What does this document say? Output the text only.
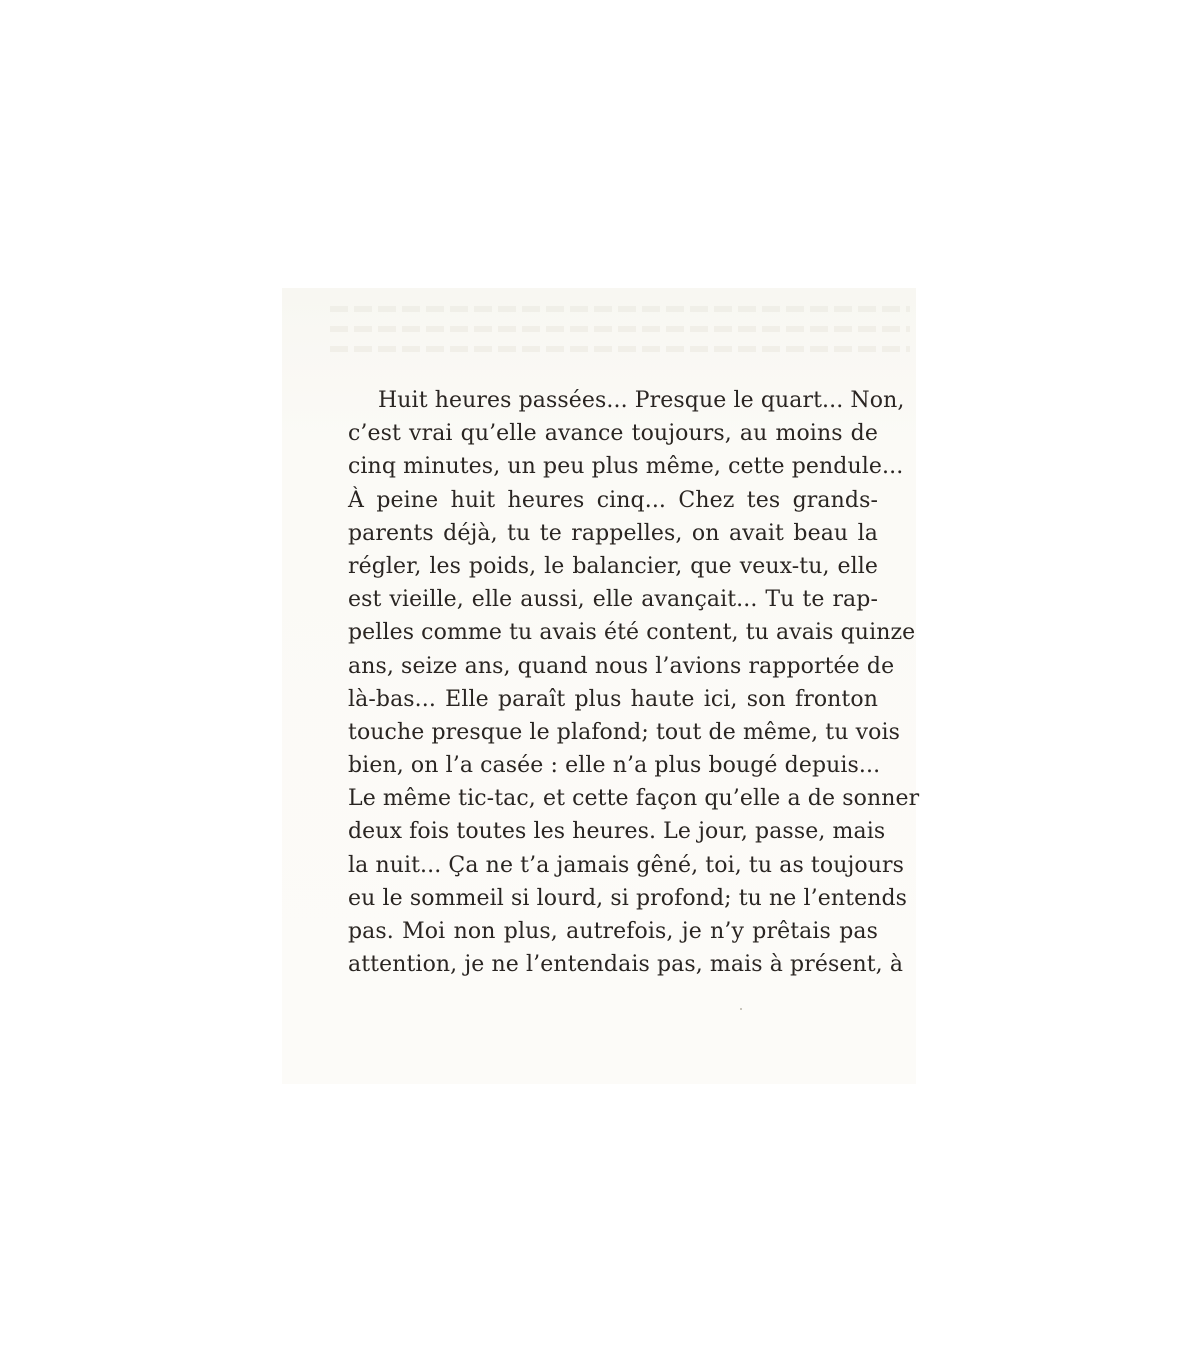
Huit heures passées... Presque le quart... Non,
c’est vrai qu’elle avance toujours, au moins de
cinq minutes, un peu plus même, cette pendule...
À peine huit heures cinq... Chez tes grands-
parents déjà, tu te rappelles, on avait beau la
régler, les poids, le balancier, que veux-tu, elle
est vieille, elle aussi, elle avançait... Tu te rap-
pelles comme tu avais été content, tu avais quinze
ans, seize ans, quand nous l’avions rapportée de
là-bas... Elle paraît plus haute ici, son fronton
touche presque le plafond; tout de même, tu vois
bien, on l’a casée : elle n’a plus bougé depuis...
Le même tic-tac, et cette façon qu’elle a de sonner
deux fois toutes les heures. Le jour, passe, mais
la nuit... Ça ne t’a jamais gêné, toi, tu as toujours
eu le sommeil si lourd, si profond; tu ne l’entends
pas. Moi non plus, autrefois, je n’y prêtais pas
attention, je ne l’entendais pas, mais à présent, à
